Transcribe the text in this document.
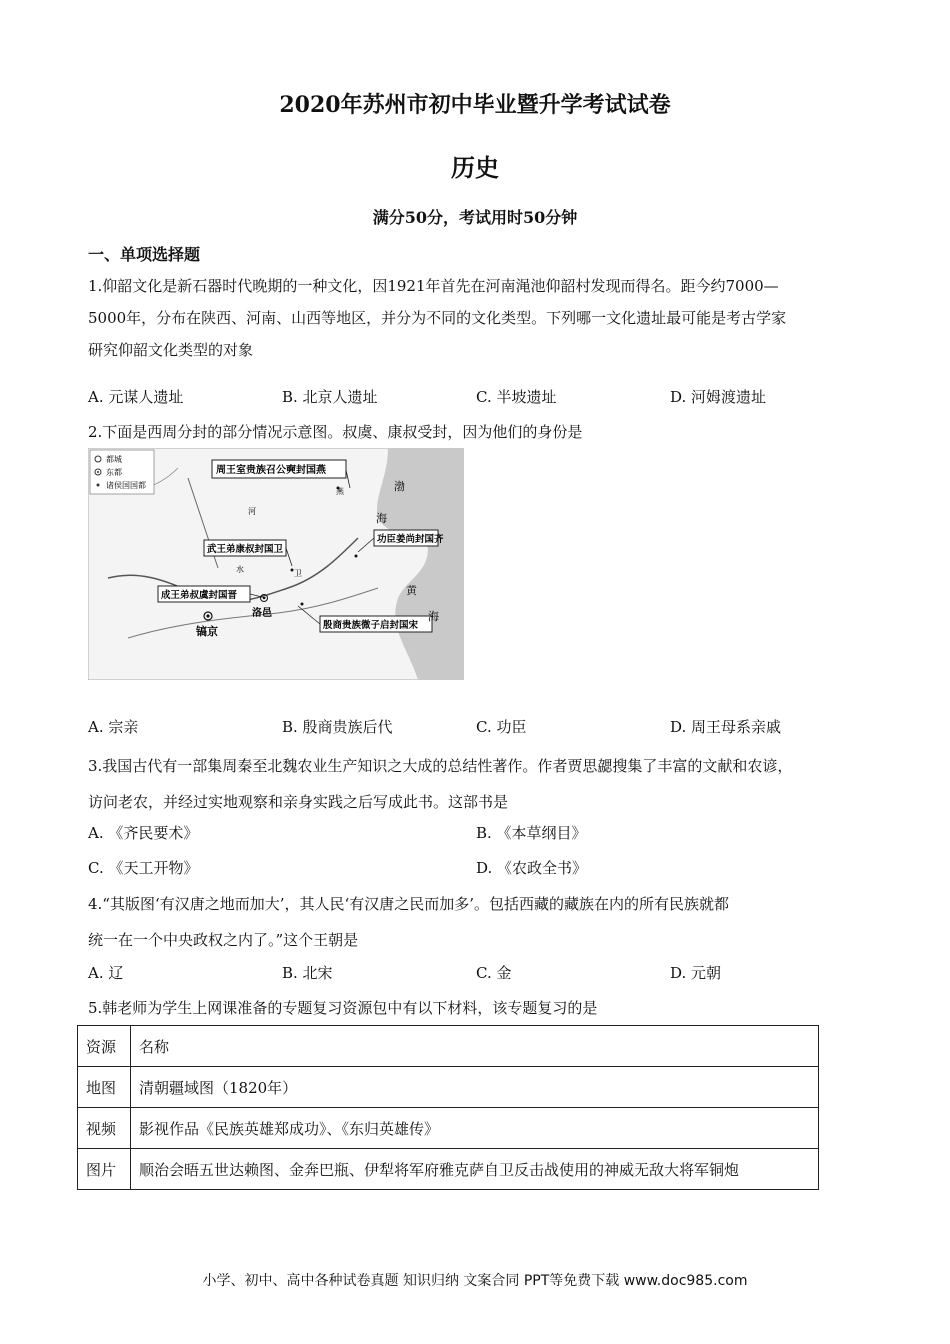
2020年苏州市初中毕业暨升学考试试卷
历史
满分50分，考试用时50分钟
一、单项选择题
1.仰韶文化是新石器时代晚期的一种文化，因1921年首先在河南渑池仰韶村发现而得名。距今约7000—
5000年，分布在陕西、河南、山西等地区，并分为不同的文化类型。下列哪一文化遗址最可能是考古学家
研究仰韶文化类型的对象
A. 元谋人遗址	B. 北京人遗址	C. 半坡遗址	D. 河姆渡遗址
2.下面是西周分封的部分情况示意图。叔虞、康叔受封，因为他们的身份是
都城
东都
诸侯国国都
周王室贵族召公奭封国燕
功臣姜尚封国齐
武王弟康叔封国卫
成王弟叔虞封国晋
殷商贵族微子启封国宋
镐京
洛邑
渤
海
黄
海
燕
卫
河
水
A. 宗亲	B. 殷商贵族后代	C. 功臣	D. 周王母系亲戚
3.我国古代有一部集周秦至北魏农业生产知识之大成的总结性著作。作者贾思勰搜集了丰富的文献和农谚，
访问老农，并经过实地观察和亲身实践之后写成此书。这部书是
A. 《齐民要术》	B. 《本草纲目》
C. 《天工开物》	D. 《农政全书》
4.“其版图‘有汉唐之地而加大’，其人民‘有汉唐之民而加多’。包括西藏的藏族在内的所有民族就都
统一在一个中央政权之内了。”这个王朝是
A. 辽	B. 北宋	C. 金	D. 元朝
5.韩老师为学生上网课准备的专题复习资源包中有以下材料，该专题复习的是
资源	名称
地图	清朝疆域图（1820年）
视频	影视作品《民族英雄郑成功》、《东归英雄传》
图片	顺治会晤五世达赖图、金奔巴瓶、伊犁将军府雅克萨自卫反击战使用的神威无敌大将军铜炮
小学、初中、高中各种试卷真题 知识归纳 文案合同 PPT等免费下载 www.doc985.com
